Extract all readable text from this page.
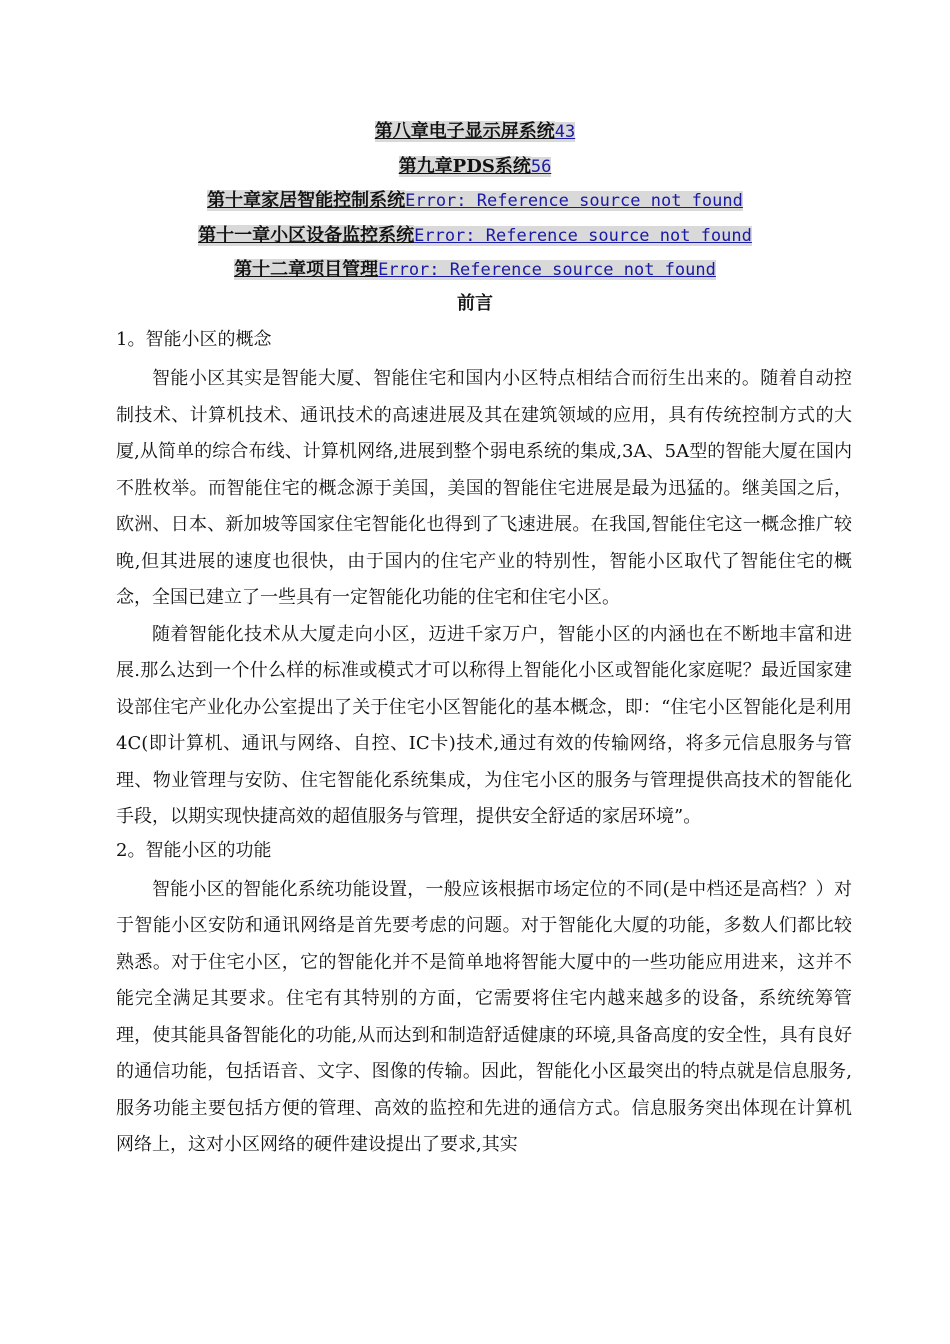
第八章电子显示屏系统43
第九章PDS系统56
第十章家居智能控制系统Error: Reference source not found
第十一章小区设备监控系统Error: Reference source not found
第十二章项目管理Error: Reference source not found
前言
1。智能小区的概念

智能小区其实是智能大厦、智能住宅和国内小区特点相结合而衍生出来的。随着自动控制技术、计算机技术、通讯技术的高速进展及其在建筑领域的应用，具有传统控制方式的大厦,从简单的综合布线、计算机网络,进展到整个弱电系统的集成,3A、5A型的智能大厦在国内不胜枚举。而智能住宅的概念源于美国，美国的智能住宅进展是最为迅猛的。继美国之后，欧洲、日本、新加坡等国家住宅智能化也得到了飞速进展。在我国,智能住宅这一概念推广较晚,但其进展的速度也很快，由于国内的住宅产业的特别性，智能小区取代了智能住宅的概念，全国已建立了一些具有一定智能化功能的住宅和住宅小区。

随着智能化技术从大厦走向小区，迈进千家万户，智能小区的内涵也在不断地丰富和进展.那么达到一个什么样的标准或模式才可以称得上智能化小区或智能化家庭呢？最近国家建设部住宅产业化办公室提出了关于住宅小区智能化的基本概念，即：“住宅小区智能化是利用4C(即计算机、通讯与网络、自控、IC卡)技术,通过有效的传输网络，将多元信息服务与管理、物业管理与安防、住宅智能化系统集成，为住宅小区的服务与管理提供高技术的智能化手段，以期实现快捷高效的超值服务与管理，提供安全舒适的家居环境”。

2。智能小区的功能

智能小区的智能化系统功能设置，一般应该根据市场定位的不同(是中档还是高档？）对于智能小区安防和通讯网络是首先要考虑的问题。对于智能化大厦的功能，多数人们都比较熟悉。对于住宅小区，它的智能化并不是简单地将智能大厦中的一些功能应用进来，这并不能完全满足其要求。住宅有其特别的方面，它需要将住宅内越来越多的设备，系统统筹管理，使其能具备智能化的功能,从而达到和制造舒适健康的环境,具备高度的安全性，具有良好的通信功能，包括语音、文字、图像的传输。因此，智能化小区最突出的特点就是信息服务,服务功能主要包括方便的管理、高效的监控和先进的通信方式。信息服务突出体现在计算机网络上，这对小区网络的硬件建设提出了要求,其实
